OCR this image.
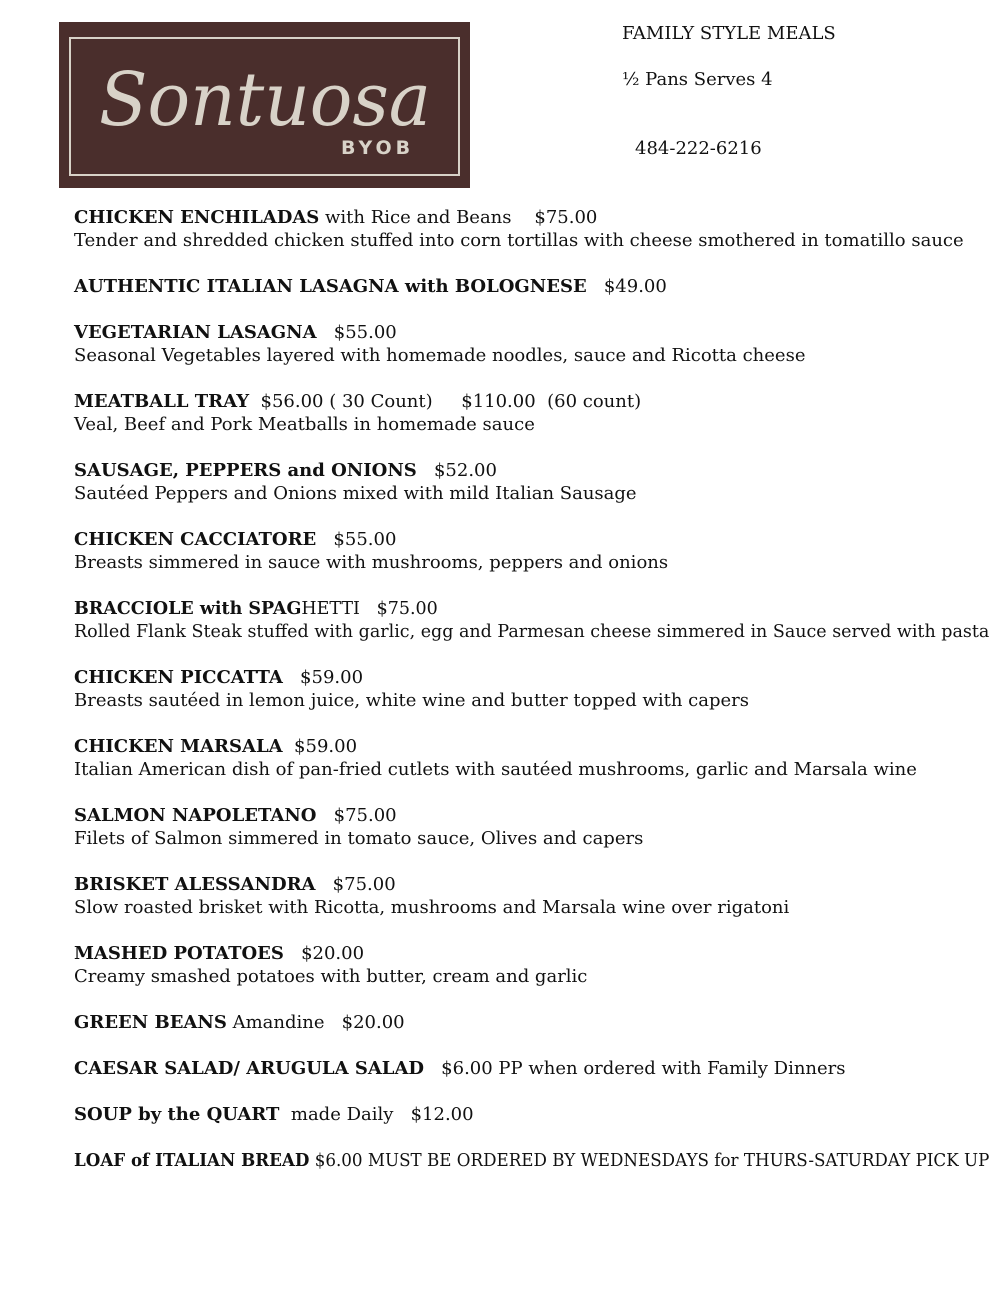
Sontuosa
BYOB
FAMILY STYLE MEALS
½ Pans Serves 4
484-222-6216
CHICKEN ENCHILADAS with Rice and Beans    $75.00
Tender and shredded chicken stuffed into corn tortillas with cheese smothered in tomatillo sauce
AUTHENTIC ITALIAN LASAGNA with BOLOGNESE   $49.00
VEGETARIAN LASAGNA   $55.00
Seasonal Vegetables layered with homemade noodles, sauce and Ricotta cheese
MEATBALL TRAY  $56.00 ( 30 Count)     $110.00  (60 count)
Veal, Beef and Pork Meatballs in homemade sauce
SAUSAGE, PEPPERS and ONIONS   $52.00
Sautéed Peppers and Onions mixed with mild Italian Sausage
CHICKEN CACCIATORE   $55.00
Breasts simmered in sauce with mushrooms, peppers and onions
BRACCIOLE with SPAGHETTI   $75.00
Rolled Flank Steak stuffed with garlic, egg and Parmesan cheese simmered in Sauce served with pasta
CHICKEN PICCATTA   $59.00
Breasts sautéed in lemon juice, white wine and butter topped with capers
CHICKEN MARSALA  $59.00
Italian American dish of pan-fried cutlets with sautéed mushrooms, garlic and Marsala wine
SALMON NAPOLETANO   $75.00
Filets of Salmon simmered in tomato sauce, Olives and capers
BRISKET ALESSANDRA   $75.00
Slow roasted brisket with Ricotta, mushrooms and Marsala wine over rigatoni
MASHED POTATOES   $20.00
Creamy smashed potatoes with butter, cream and garlic
GREEN BEANS Amandine   $20.00
CAESAR SALAD/ ARUGULA SALAD   $6.00 PP when ordered with Family Dinners
SOUP by the QUART  made Daily   $12.00
LOAF of ITALIAN BREAD $6.00 MUST BE ORDERED BY WEDNESDAYS for THURS-SATURDAY PICK UP
